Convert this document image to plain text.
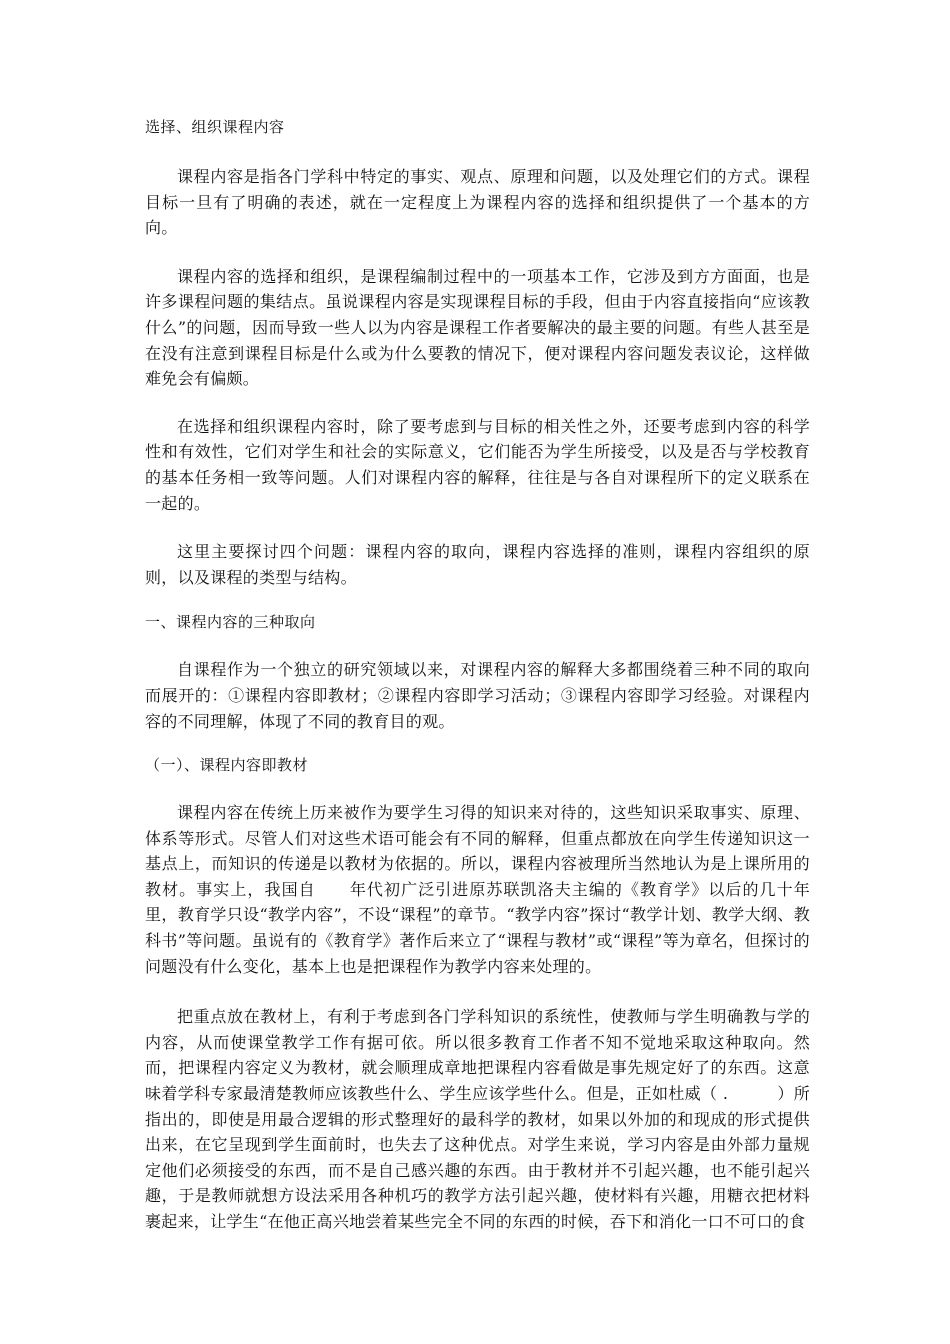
选择、组织课程内容

课程内容是指各门学科中特定的事实、观点、原理和问题，以及处理它们的方式。课程目标一旦有了明确的表述，就在一定程度上为课程内容的选择和组织提供了一个基本的方向。

课程内容的选择和组织，是课程编制过程中的一项基本工作，它涉及到方方面面，也是许多课程问题的集结点。虽说课程内容是实现课程目标的手段，但由于内容直接指向“应该教什么”的问题，因而导致一些人以为内容是课程工作者要解决的最主要的问题。有些人甚至是在没有注意到课程目标是什么或为什么要教的情况下，便对课程内容问题发表议论，这样做难免会有偏颇。

在选择和组织课程内容时，除了要考虑到与目标的相关性之外，还要考虑到内容的科学性和有效性，它们对学生和社会的实际意义，它们能否为学生所接受，以及是否与学校教育的基本任务相一致等问题。人们对课程内容的解释，往往是与各自对课程所下的定义联系在一起的。

这里主要探讨四个问题：课程内容的取向，课程内容选择的准则，课程内容组织的原则，以及课程的类型与结构。

一、课程内容的三种取向

自课程作为一个独立的研究领域以来，对课程内容的解释大多都围绕着三种不同的取向而展开的：①课程内容即教材；②课程内容即学习活动；③课程内容即学习经验。对课程内容的不同理解，体现了不同的教育目的观。

（一）、课程内容即教材

课程内容在传统上历来被作为要学生习得的知识来对待的，这些知识采取事实、原理、体系等形式。尽管人们对这些术语可能会有不同的解释，但重点都放在向学生传递知识这一基点上，而知识的传递是以教材为依据的。所以，课程内容被理所当然地认为是上课所用的教材。事实上，我国自　　年代初广泛引进原苏联凯洛夫主编的《教育学》以后的几十年里，教育学只设“教学内容”，不设“课程”的章节。“教学内容”探讨“教学计划、教学大纲、教科书”等问题。虽说有的《教育学》著作后来立了“课程与教材”或“课程”等为章名，但探讨的问题没有什么变化，基本上也是把课程作为教学内容来处理的。

把重点放在教材上，有利于考虑到各门学科知识的系统性，使教师与学生明确教与学的内容，从而使课堂教学工作有据可依。所以很多教育工作者不知不觉地采取这种取向。然而，把课程内容定义为教材，就会顺理成章地把课程内容看做是事先规定好了的东西。这意味着学科专家最清楚教师应该教些什么、学生应该学些什么。但是，正如杜威（ .　　　）所指出的，即使是用最合逻辑的形式整理好的最科学的教材，如果以外加的和现成的形式提供出来，在它呈现到学生面前时，也失去了这种优点。对学生来说，学习内容是由外部力量规定他们必须接受的东西，而不是自己感兴趣的东西。由于教材并不引起兴趣，也不能引起兴趣，于是教师就想方设法采用各种机巧的教学方法引起兴趣，使材料有兴趣，用糖衣把材料裹起来，让学生“在他正高兴地尝着某些完全不同的东西的时候，吞下和消化一口不可口的食
